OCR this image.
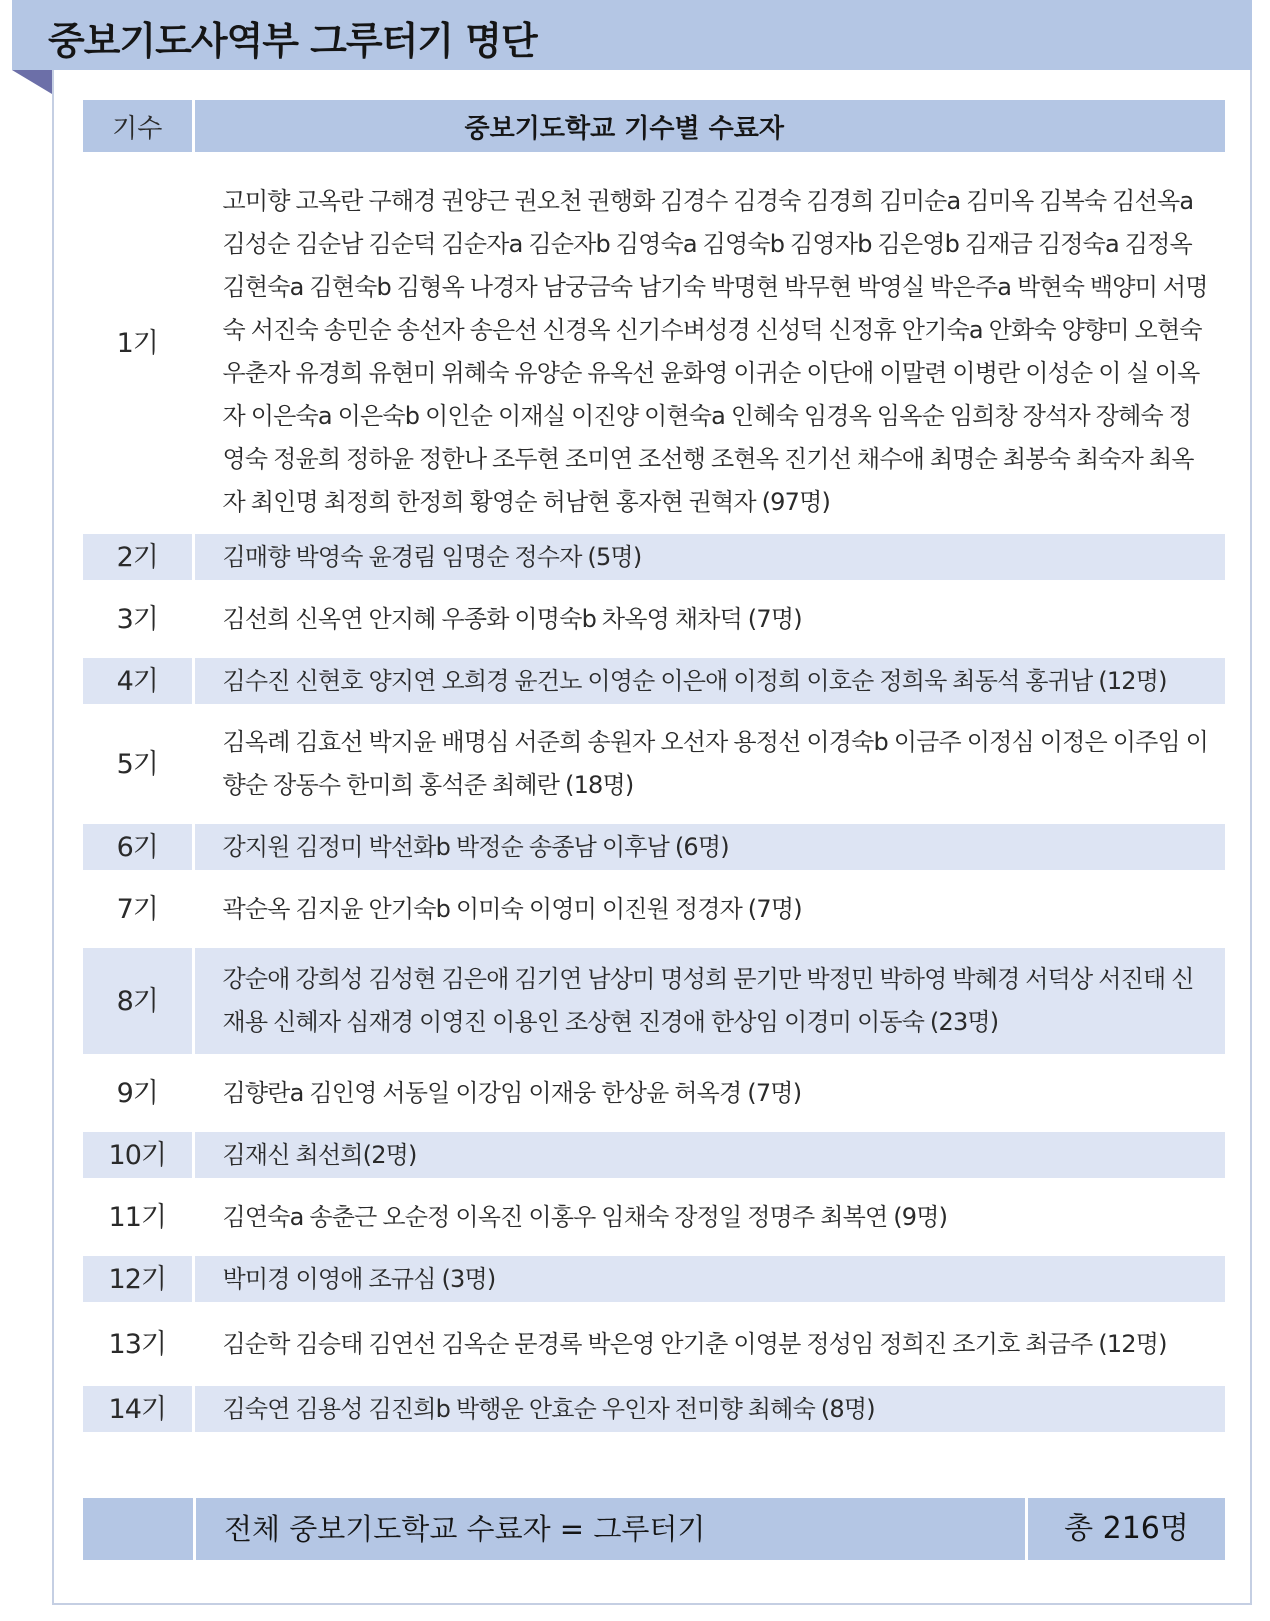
중보기도사역부 그루터기 명단
기수	중보기도학교 기수별 수료자
1기	고미향 고옥란 구해경 권양근 권오천 권행화 김경수 김경숙 김경희 김미순a 김미옥 김복숙 김선옥a 김성순 김순남 김순덕 김순자a 김순자b 김영숙a 김영숙b 김영자b 김은영b 김재금 김정숙a 김정옥 김현숙a 김현숙b 김형옥 나경자 남궁금숙 남기숙 박명현 박무현 박영실 박은주a 박현숙 백양미 서명숙 서진숙 송민순 송선자 송은선 신경옥 신기수벼성경 신성덕 신정휴 안기숙a 안화숙 양향미 오현숙 우춘자 유경희 유현미 위혜숙 유양순 유옥선 윤화영 이귀순 이단애 이말련 이병란 이성순 이 실 이옥자 이은숙a 이은숙b 이인순 이재실 이진양 이현숙a 인혜숙 임경옥 임옥순 임희창 장석자 장혜숙 정영숙 정윤희 정하윤 정한나 조두현 조미연 조선행 조현옥 진기선 채수애 최명순 최봉숙 최숙자 최옥자 최인명 최정희 한정희 황영순 허남현 홍자현 권혁자 (97명)
2기	김매향 박영숙 윤경림 임명순 정수자 (5명)
3기	김선희 신옥연 안지혜 우종화 이명숙b 차옥영 채차덕 (7명)
4기	김수진 신현호 양지연 오희경 윤건노 이영순 이은애 이정희 이호순 정희욱 최동석 홍귀남 (12명)
5기	김옥례 김효선 박지윤 배명심 서준희 송원자 오선자 용정선 이경숙b 이금주 이정심 이정은 이주임 이향순 장동수 한미희 홍석준 최혜란 (18명)
6기	강지원 김정미 박선화b 박정순 송종남 이후남 (6명)
7기	곽순옥 김지윤 안기숙b 이미숙 이영미 이진원 정경자 (7명)
8기	강순애 강희성 김성현 김은애 김기연 남상미 명성희 문기만 박정민 박하영 박혜경 서덕상 서진태 신재용 신혜자 심재경 이영진 이용인 조상현 진경애 한상임 이경미 이동숙 (23명)
9기	김향란a 김인영 서동일 이강임 이재웅 한상윤 허옥경 (7명)
10기	김재신 최선희(2명)
11기	김연숙a 송춘근 오순정 이옥진 이홍우 임채숙 장정일 정명주 최복연 (9명)
12기	박미경 이영애 조규심 (3명)
13기	김순학 김승태 김연선 김옥순 문경록 박은영 안기춘 이영분 정성임 정희진 조기호 최금주 (12명)
14기	김숙연 김용성 김진희b 박행운 안효순 우인자 전미향 최혜숙 (8명)
전체 중보기도학교 수료자 = 그루터기	총 216명
